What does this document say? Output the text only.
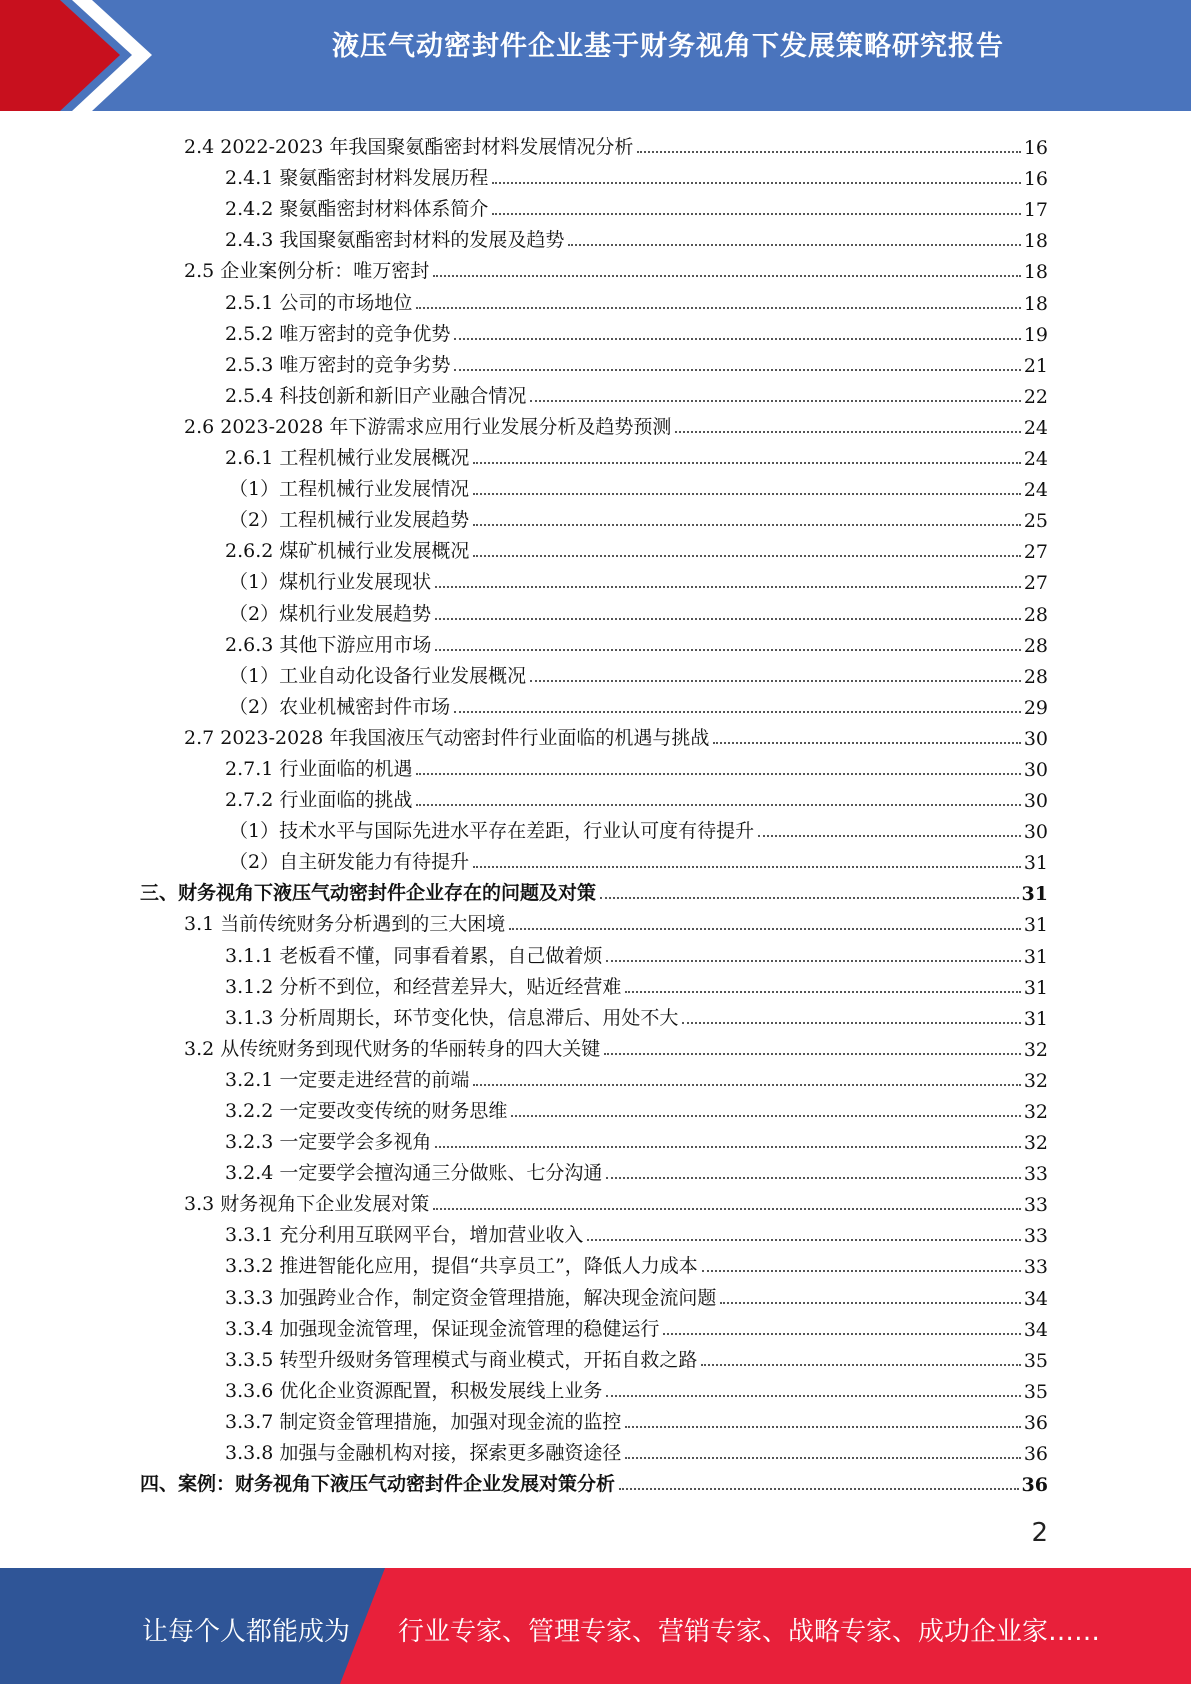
液压气动密封件企业基于财务视角下发展策略研究报告
2.4 2022-2023 年我国聚氨酯密封材料发展情况分析	16
2.4.1 聚氨酯密封材料发展历程	16
2.4.2 聚氨酯密封材料体系简介	17
2.4.3 我国聚氨酯密封材料的发展及趋势	18
2.5 企业案例分析：唯万密封	18
2.5.1 公司的市场地位	18
2.5.2 唯万密封的竞争优势	19
2.5.3 唯万密封的竞争劣势	21
2.5.4 科技创新和新旧产业融合情况	22
2.6 2023-2028 年下游需求应用行业发展分析及趋势预测	24
2.6.1 工程机械行业发展概况	24
（1）工程机械行业发展情况	24
（2）工程机械行业发展趋势	25
2.6.2 煤矿机械行业发展概况	27
（1）煤机行业发展现状	27
（2）煤机行业发展趋势	28
2.6.3 其他下游应用市场	28
（1）工业自动化设备行业发展概况	28
（2）农业机械密封件市场	29
2.7 2023-2028 年我国液压气动密封件行业面临的机遇与挑战	30
2.7.1 行业面临的机遇	30
2.7.2 行业面临的挑战	30
（1）技术水平与国际先进水平存在差距，行业认可度有待提升	30
（2）自主研发能力有待提升	31
三、财务视角下液压气动密封件企业存在的问题及对策	31
3.1 当前传统财务分析遇到的三大困境	31
3.1.1 老板看不懂，同事看着累，自己做着烦	31
3.1.2 分析不到位，和经营差异大，贴近经营难	31
3.1.3 分析周期长，环节变化快，信息滞后、用处不大	31
3.2 从传统财务到现代财务的华丽转身的四大关键	32
3.2.1 一定要走进经营的前端	32
3.2.2 一定要改变传统的财务思维	32
3.2.3 一定要学会多视角	32
3.2.4 一定要学会擅沟通三分做账、七分沟通	33
3.3 财务视角下企业发展对策	33
3.3.1 充分利用互联网平台，增加营业收入	33
3.3.2 推进智能化应用，提倡“共享员工”，降低人力成本	33
3.3.3 加强跨业合作，制定资金管理措施，解决现金流问题	34
3.3.4 加强现金流管理，保证现金流管理的稳健运行	34
3.3.5 转型升级财务管理模式与商业模式，开拓自救之路	35
3.3.6 优化企业资源配置，积极发展线上业务	35
3.3.7 制定资金管理措施，加强对现金流的监控	36
3.3.8 加强与金融机构对接，探索更多融资途径	36
四、案例：财务视角下液压气动密封件企业发展对策分析	36
2
让每个人都能成为 行业专家、管理专家、营销专家、战略专家、成功企业家……
